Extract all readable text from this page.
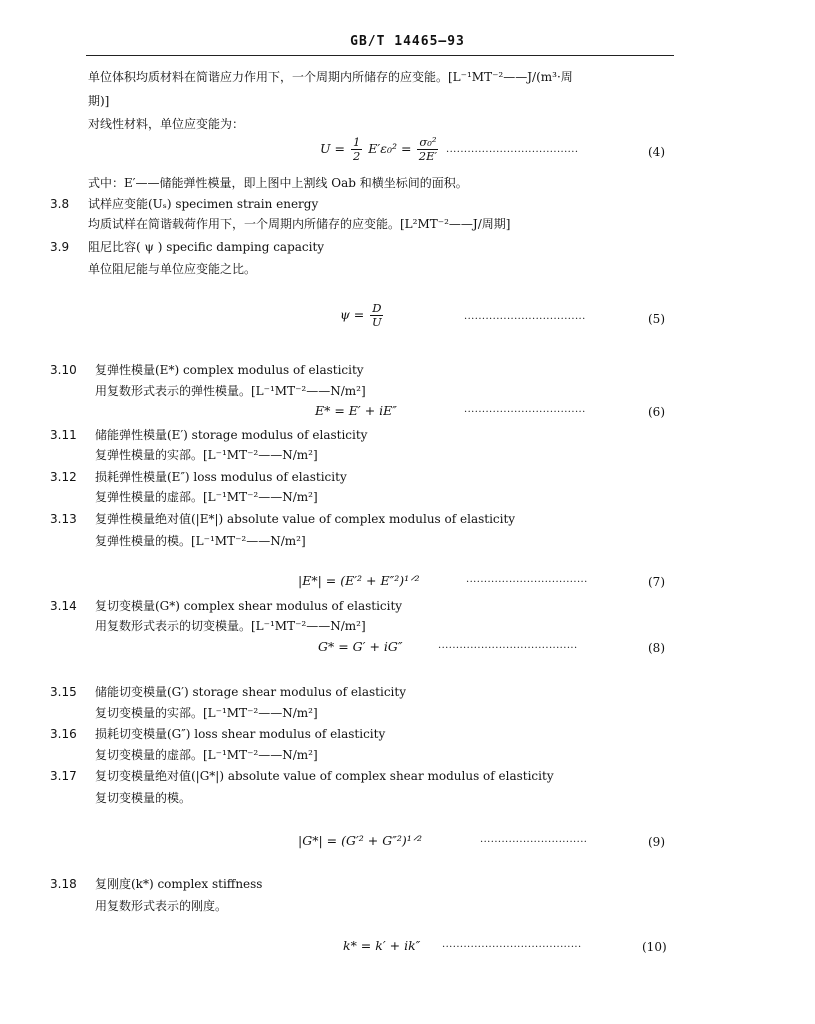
GB/T 14465—93
单位体积均质材料在简谐应力作用下，一个周期内所储存的应变能。[L⁻¹MT⁻²——J/(m³·周
期)]
对线性材料，单位应变能为：
$U = \frac{1}{2} E'\varepsilon_0^2 = \frac{\text{σ₀²}}{2E'}$ ·····································	(4)
式中：E′——储能弹性模量，即上图中上割线 Oab 和横坐标间的面积。
3.8 试样应变能(Uₛ) specimen strain energy
均质试样在简谐载荷作用下，一个周期内所储存的应变能。[L²MT⁻²——J/周期]
3.9 阻尼比容( ψ ) specific damping capacity
单位阻尼能与单位应变能之比。
$\psi = \frac{D}{U}$	··································	(5)
3.10 复弹性模量(E*) complex modulus of elasticity
用复数形式表示的弹性模量。[L⁻¹MT⁻²——N/m²]
E* = E′ + iE″	··································	(6)
3.11 储能弹性模量(E′) storage modulus of elasticity
复弹性模量的实部。[L⁻¹MT⁻²——N/m²]
3.12 损耗弹性模量(E″) loss modulus of elasticity
复弹性模量的虚部。[L⁻¹MT⁻²——N/m²]
3.13 复弹性模量绝对值(|E*|) absolute value of complex modulus of elasticity
复弹性模量的模。[L⁻¹MT⁻²——N/m²]
|E*| = (E′² + E″²)¹ᐟ²	··································	(7)
3.14 复切变模量(G*) complex shear modulus of elasticity
用复数形式表示的切变模量。[L⁻¹MT⁻²——N/m²]
G* = G′ + iG″	·······································	(8)
3.15 储能切变模量(G′) storage shear modulus of elasticity
复切变模量的实部。[L⁻¹MT⁻²——N/m²]
3.16 损耗切变模量(G″) loss shear modulus of elasticity
复切变模量的虚部。[L⁻¹MT⁻²——N/m²]
3.17 复切变模量绝对值(|G*|) absolute value of complex shear modulus of elasticity
复切变模量的模。
|G*| = (G′² + G″²)¹ᐟ²	······························	(9)
3.18 复刚度(k*) complex stiffness
用复数形式表示的刚度。
k* = k′ + ik″ ·······································	(10)
